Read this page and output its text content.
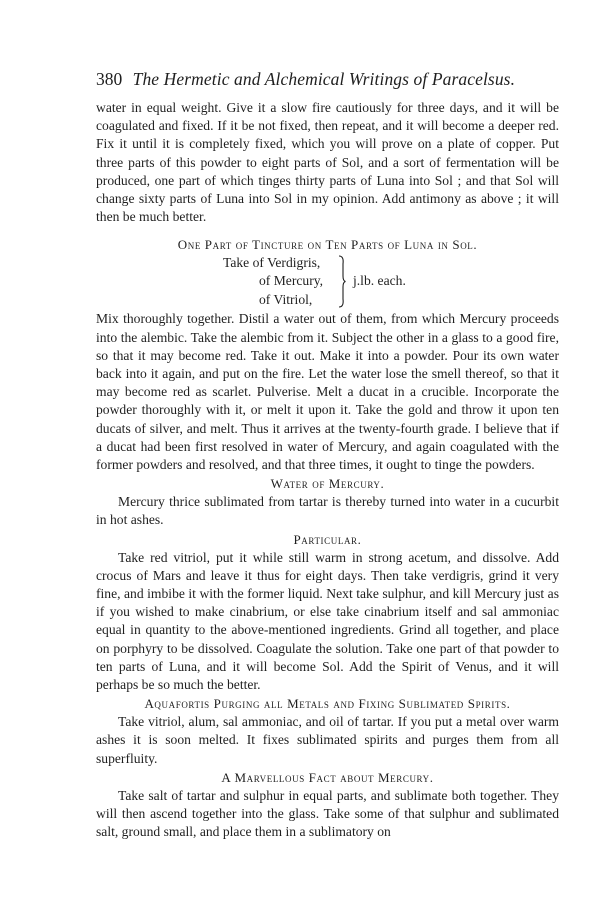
380 The Hermetic and Alchemical Writings of Paracelsus.

water in equal weight. Give it a slow fire cautiously for three days, and it will be coagulated and fixed. If it be not fixed, then repeat, and it will become a deeper red. Fix it until it is completely fixed, which you will prove on a plate of copper. Put three parts of this powder to eight parts of Sol, and a sort of fermentation will be produced, one part of which tinges thirty parts of Luna into Sol ; and that Sol will change sixty parts of Luna into Sol in my opinion. Add antimony as above ; it will then be much better.

One Part of Tincture on Ten Parts of Luna in Sol.

Take of Verdigris,
of Mercury,
of Vitriol,
j.lb. each.

Mix thoroughly together. Distil a water out of them, from which Mercury proceeds into the alembic. Take the alembic from it. Subject the other in a glass to a good fire, so that it may become red. Take it out. Make it into a powder. Pour its own water back into it again, and put on the fire. Let the water lose the smell thereof, so that it may become red as scarlet. Pulverise. Melt a ducat in a crucible. Incorporate the powder thoroughly with it, or melt it upon it. Take the gold and throw it upon ten ducats of silver, and melt. Thus it arrives at the twenty-fourth grade. I believe that if a ducat had been first resolved in water of Mercury, and again coagulated with the former powders and resolved, and that three times, it ought to tinge the powders.

Water of Mercury.

Mercury thrice sublimated from tartar is thereby turned into water in a cucurbit in hot ashes.

Particular.

Take red vitriol, put it while still warm in strong acetum, and dissolve. Add crocus of Mars and leave it thus for eight days. Then take verdigris, grind it very fine, and imbibe it with the former liquid. Next take sulphur, and kill Mercury just as if you wished to make cinabrium, or else take cinabrium itself and sal ammoniac equal in quantity to the above-mentioned ingredients. Grind all together, and place on porphyry to be dissolved. Coagulate the solution. Take one part of that powder to ten parts of Luna, and it will become Sol. Add the Spirit of Venus, and it will perhaps be so much the better.

Aquafortis Purging all Metals and Fixing Sublimated Spirits.

Take vitriol, alum, sal ammoniac, and oil of tartar. If you put a metal over warm ashes it is soon melted. It fixes sublimated spirits and purges them from all superfluity.

A Marvellous Fact about Mercury.

Take salt of tartar and sulphur in equal parts, and sublimate both together. They will then ascend together into the glass. Take some of that sulphur and sublimated salt, ground small, and place them in a sublimatory on
